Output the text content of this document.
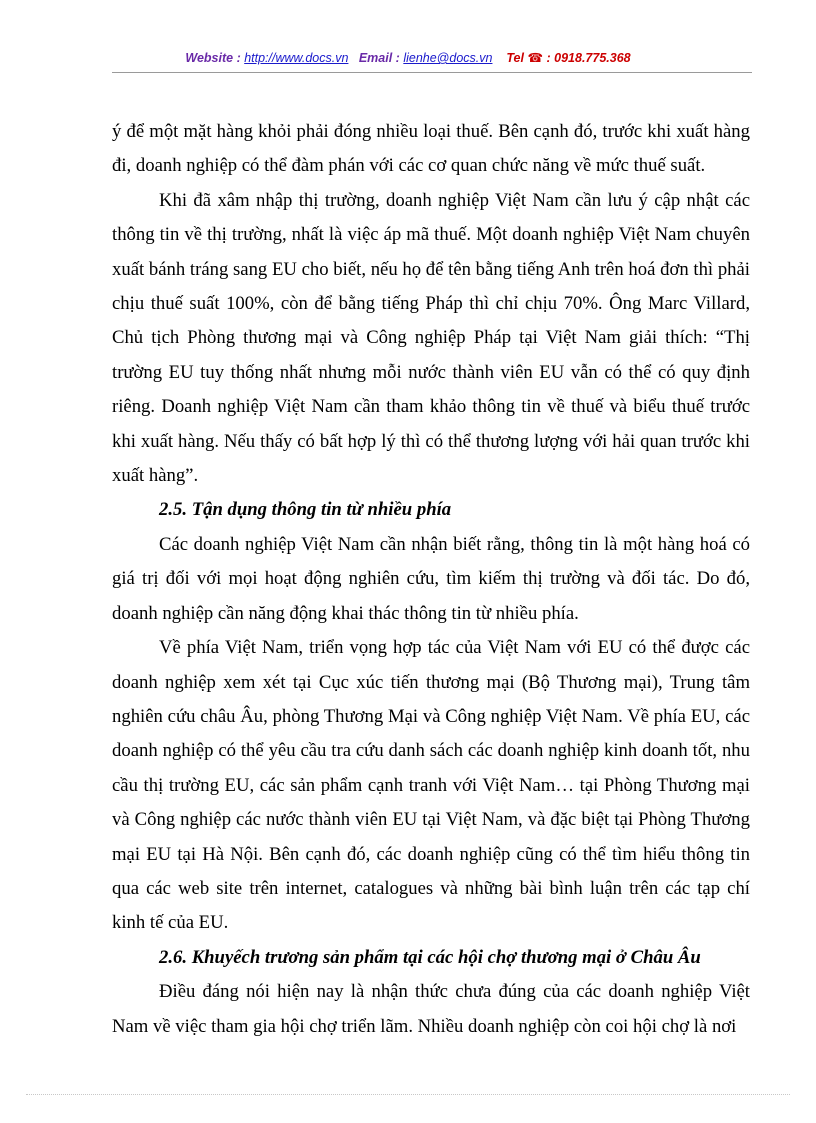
Website : http://www.docs.vn Email : lienhe@docs.vn Tel ☎ : 0918.775.368

ý để một mặt hàng khỏi phải đóng nhiều loại thuế. Bên cạnh đó, trước khi xuất hàng đi, doanh nghiệp có thể đàm phán với các cơ quan chức năng về mức thuế suất.

Khi đã xâm nhập thị trường, doanh nghiệp Việt Nam cần lưu ý cập nhật các thông tin về thị trường, nhất là việc áp mã thuế. Một doanh nghiệp Việt Nam chuyên xuất bánh tráng sang EU cho biết, nếu họ để tên bằng tiếng Anh trên hoá đơn thì phải chịu thuế suất 100%, còn để bằng tiếng Pháp thì chỉ chịu 70%. Ông Marc Villard, Chủ tịch Phòng thương mại và Công nghiệp Pháp tại Việt Nam giải thích: “Thị trường EU tuy thống nhất nhưng mỗi nước thành viên EU vẫn có thể có quy định riêng. Doanh nghiệp Việt Nam cần tham khảo thông tin về thuế và biểu thuế trước khi xuất hàng. Nếu thấy có bất hợp lý thì có thể thương lượng với hải quan trước khi xuất hàng”.

2.5. Tận dụng thông tin từ nhiều phía

Các doanh nghiệp Việt Nam cần nhận biết rằng, thông tin là một hàng hoá có giá trị đối với mọi hoạt động nghiên cứu, tìm kiếm thị trường và đối tác. Do đó, doanh nghiệp cần năng động khai thác thông tin từ nhiều phía.

Về phía Việt Nam, triển vọng hợp tác của Việt Nam với EU có thể được các doanh nghiệp xem xét tại Cục xúc tiến thương mại (Bộ Thương mại), Trung tâm nghiên cứu châu Âu, phòng Thương Mại và Công nghiệp Việt Nam. Về phía EU, các doanh nghiệp có thể yêu cầu tra cứu danh sách các doanh nghiệp kinh doanh tốt, nhu cầu thị trường EU, các sản phẩm cạnh tranh với Việt Nam… tại Phòng Thương mại và Công nghiệp các nước thành viên EU tại Việt Nam, và đặc biệt tại Phòng Thương mại EU tại Hà Nội. Bên cạnh đó, các doanh nghiệp cũng có thể tìm hiểu thông tin qua các web site trên internet, catalogues và những bài bình luận trên các tạp chí kinh tế của EU.

2.6. Khuyếch trương sản phẩm tại các hội chợ thương mại ở Châu Âu

Điều đáng nói hiện nay là nhận thức chưa đúng của các doanh nghiệp Việt Nam về việc tham gia hội chợ triển lãm. Nhiều doanh nghiệp còn coi hội chợ là nơi
